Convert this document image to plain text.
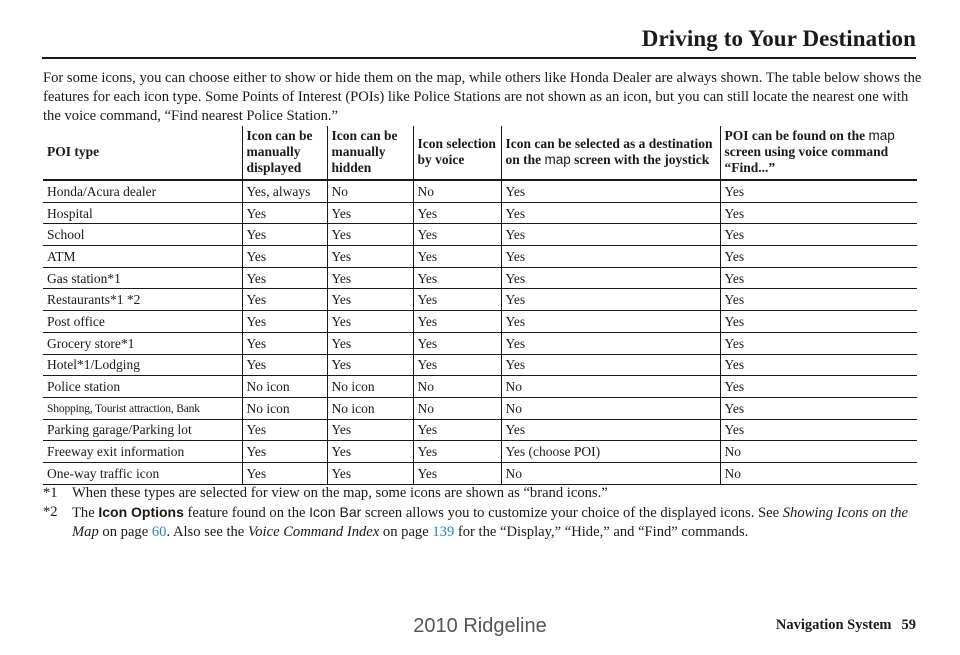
Driving to Your Destination

For some icons, you can choose either to show or hide them on the map, while others like Honda Dealer are always shown. The table below shows the features for each icon type. Some Points of Interest (POIs) like Police Stations are not shown as an icon, but you can still locate the nearest one with the voice command, “Find nearest Police Station.”

POI type	Icon can be manually displayed	Icon can be manually hidden	Icon selection by voice	Icon can be selected as a destination on the map screen with the joystick	POI can be found on the map screen using voice command “Find...”
Honda/Acura dealer	Yes, always	No	No	Yes	Yes
Hospital	Yes	Yes	Yes	Yes	Yes
School	Yes	Yes	Yes	Yes	Yes
ATM	Yes	Yes	Yes	Yes	Yes
Gas station*1	Yes	Yes	Yes	Yes	Yes
Restaurants*1 *2	Yes	Yes	Yes	Yes	Yes
Post office	Yes	Yes	Yes	Yes	Yes
Grocery store*1	Yes	Yes	Yes	Yes	Yes
Hotel*1/Lodging	Yes	Yes	Yes	Yes	Yes
Police station	No icon	No icon	No	No	Yes
Shopping, Tourist attraction, Bank	No icon	No icon	No	No	Yes
Parking garage/Parking lot	Yes	Yes	Yes	Yes	Yes
Freeway exit information	Yes	Yes	Yes	Yes (choose POI)	No
One-way traffic icon	Yes	Yes	Yes	No	No
*1 When these types are selected for view on the map, some icons are shown as “brand icons.”
*2 The Icon Options feature found on the Icon Bar screen allows you to customize your choice of the displayed icons. See Showing Icons on the Map on page 60. Also see the Voice Command Index on page 139 for the “Display,” “Hide,” and “Find” commands.
Navigation System 59
2010 Ridgeline
